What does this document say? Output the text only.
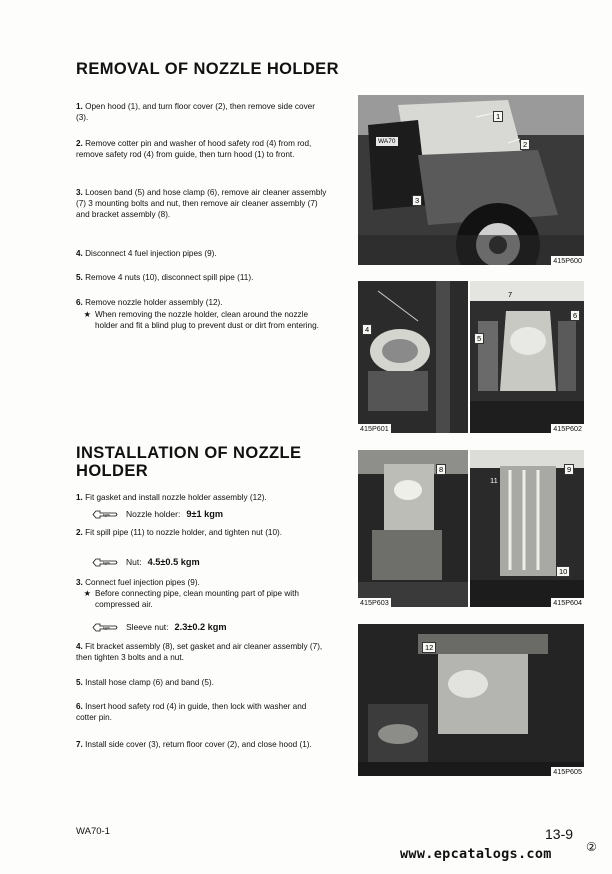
REMOVAL OF NOZZLE HOLDER
1. Open hood (1), and turn floor cover (2), then remove side cover (3).
2. Remove cotter pin and washer of hood safety rod (4) from rod, remove safety rod (4) from guide, then turn hood (1) to front.
3. Loosen band (5) and hose clamp (6), remove air cleaner assembly (7) 3 mounting bolts and nut, then remove air cleaner assembly (7) and bracket assembly (8).
4. Disconnect 4 fuel injection pipes (9).
5. Remove 4 nuts (10), disconnect spill pipe (11).
6. Remove nozzle holder assembly (12).
★ When removing the nozzle holder, clean around the nozzle holder and fit a blind plug to prevent dust or dirt from entering.
INSTALLATION OF NOZZLE
HOLDER
1. Fit gasket and install nozzle holder assembly (12).
kgm Nozzle holder: 9±1 kgm
2. Fit spill pipe (11) to nozzle holder, and tighten nut (10).
kgm Nut: 4.5±0.5 kgm
3. Connect fuel injection pipes (9).
★ Before connecting pipe, clean mounting part of pipe with compressed air.
kgm Sleeve nut: 2.3±0.2 kgm
4. Fit bracket assembly (8), set gasket and air cleaner assembly (7), then tighten 3 bolts and a nut.
5. Install hose clamp (6) and band (5).
6. Insert hood safety rod (4) in guide, then lock with washer and cotter pin.
7. Install side cover (3), return floor cover (2), and close hood (1).
1
2
3
WA70
415P600
4
415P601
7
5
6
415P602
8
415P603
11
9
10
415P604
12
415P605
WA70-1	13-9
www.epcatalogs.com	②
